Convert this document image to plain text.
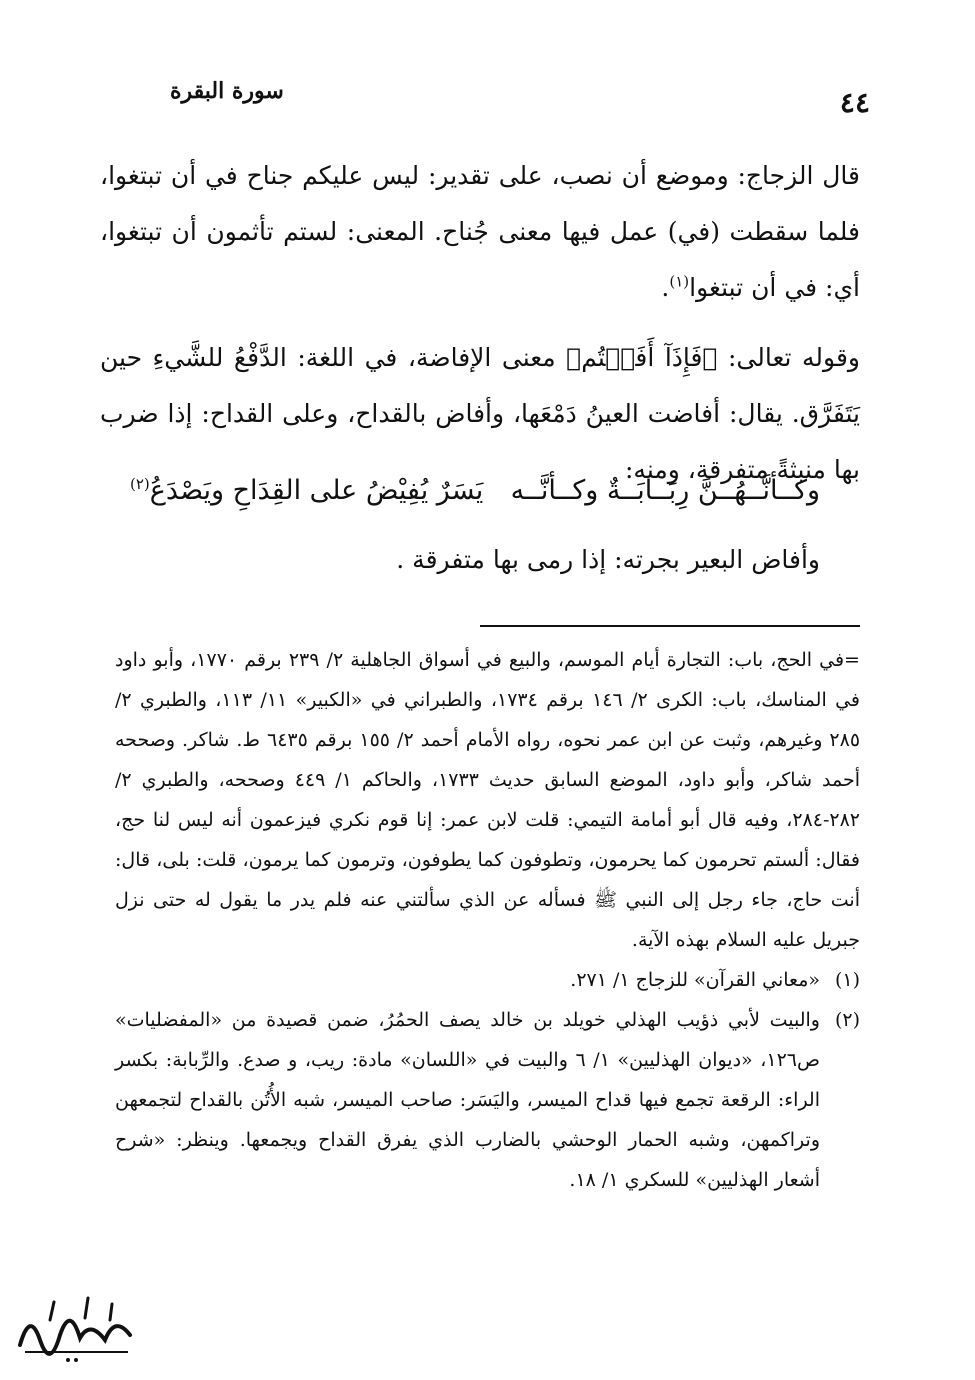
٤٤
سورة البقرة
قال الزجاج: وموضع أن نصب، على تقدير: ليس عليكم جناح في أن تبتغوا، فلما سقطت (في) عمل فيها معنى جُناح. المعنى: لستم تأثمون أن تبتغوا، أي: في أن تبتغوا$^{(١)}$.
وقوله تعالى: ﴿فَإِذَآ أَفَضۡتُم﴾ معنى الإفاضة، في اللغة: الدَّفْعُ للشَّيءِ حين يَتَفَرَّق. يقال: أفاضت العينُ دَمْعَها، وأفاض بالقداح، وعلى القداح: إذا ضرب بها منبثةً متفرقة، ومنه:
وكــأنَّــهُــنَّ رِبَــابَــةٌ وكــأنَّــه
يَسَرٌ يُفِيْضُ على القِدَاحِ ويَصْدَعُ$^{(٢)}$
وأفاض البعير بجرته: إذا رمى بها متفرقة .

=في الحج، باب: التجارة أيام الموسم، والبيع في أسواق الجاهلية ٢/ ٢٣٩ برقم ١٧٧٠، وأبو داود في المناسك، باب: الكرى ٢/ ١٤٦ برقم ١٧٣٤، والطبراني في «الكبير» ١١/ ١١٣، والطبري ٢/ ٢٨٥ وغيرهم، وثبت عن ابن عمر نحوه، رواه الأمام أحمد ٢/ ١٥٥ برقم ٦٤٣٥ ط. شاكر. وصححه أحمد شاكر، وأبو داود، الموضع السابق حديث ١٧٣٣، والحاكم ١/ ٤٤٩ وصححه، والطبري ٢/ ٢٨٢-٢٨٤، وفيه قال أبو أمامة التيمي: قلت لابن عمر: إنا قوم نكري فيزعمون أنه ليس لنا حج، فقال: ألستم تحرمون كما يحرمون، وتطوفون كما يطوفون، وترمون كما يرمون، قلت: بلى، قال: أنت حاج، جاء رجل إلى النبي ﷺ فسأله عن الذي سألتني عنه فلم يدر ما يقول له حتى نزل جبريل عليه السلام بهذه الآية.

(١)
«معاني القرآن» للزجاج ١/ ٢٧١.
(٢)
والبيت لأبي ذؤيب الهذلي خويلد بن خالد يصف الحمُرُ، ضمن قصيدة من «المفضليات» ص١٢٦، «ديوان الهذليين» ١/ ٦ والبيت في «اللسان» مادة: ريب، و صدع. والرِّبابة: بكسر الراء: الرقعة تجمع فيها قداح الميسر، واليَسَر: صاحب الميسر، شبه الأُتُن بالقداح لتجمعهن وتراكمهن، وشبه الحمار الوحشي بالضارب الذي يفرق القداح ويجمعها. وينظر: «شرح أشعار الهذليين» للسكري ١/ ١٨.
